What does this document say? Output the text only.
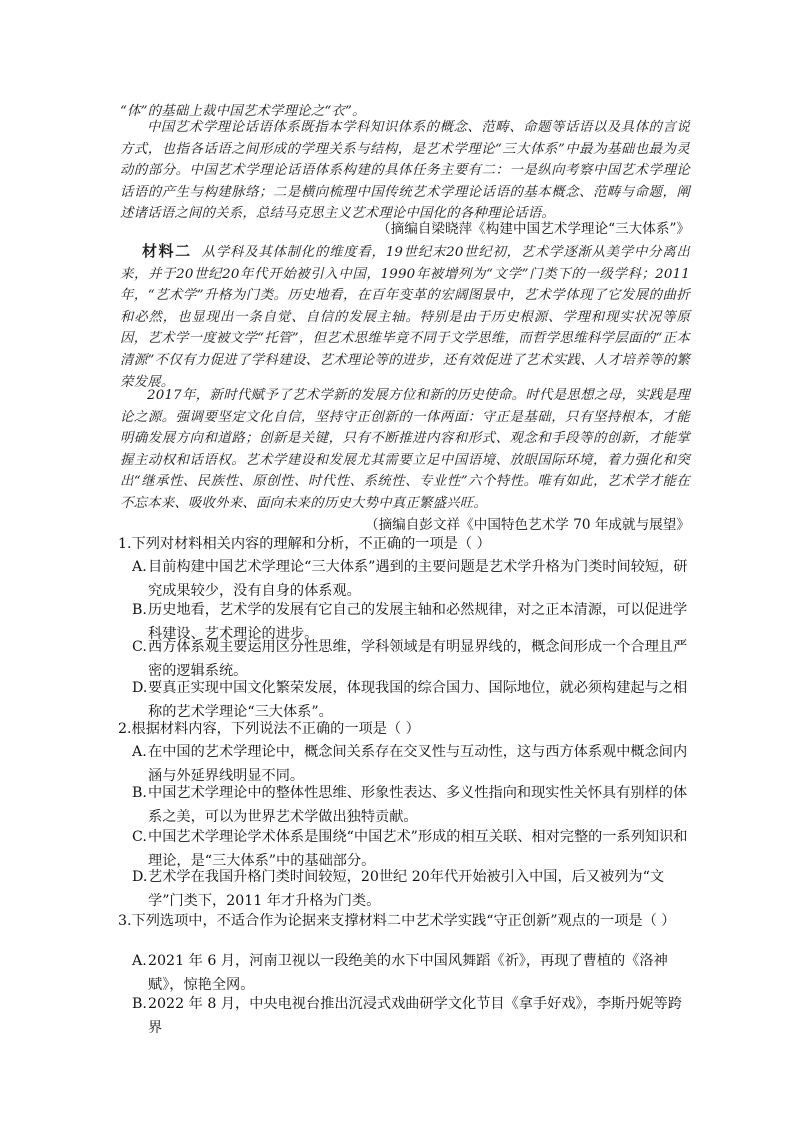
“体”的基础上裁中国艺术学理论之“衣”。

中国艺术学理论话语体系既指本学科知识体系的概念、范畴、命题等话语以及具体的言说方式，也指各话语之间形成的学理关系与结构，是艺术学理论“三大体系”中最为基础也最为灵动的部分。中国艺术学理论话语体系构建的具体任务主要有二：一是纵向考察中国艺术学理论话语的产生与构建脉络；二是横向梳理中国传统艺术学理论话语的基本概念、范畴与命题，阐述诸话语之间的关系，总结马克思主义艺术理论中国化的各种理论话语。

（摘编自梁晓萍《构建中国艺术学理论“三大体系”》

材料二 从学科及其体制化的维度看，19世纪末20世纪初，艺术学逐渐从美学中分离出来，并于20世纪20年代开始被引入中国，1990年被增列为“文学”门类下的一级学科；2011年，“艺术学”升格为门类。历史地看，在百年变革的宏阔图景中，艺术学体现了它发展的曲折和必然，也显现出一条自觉、自信的发展主轴。特别是由于历史根源、学理和现实状况等原因，艺术学一度被文学“托管”，但艺术思维毕竟不同于文学思维，而哲学思维科学层面的“正本清源”不仅有力促进了学科建设、艺术理论等的进步，还有效促进了艺术实践、人才培养等的繁荣发展。

2017年，新时代赋予了艺术学新的发展方位和新的历史使命。时代是思想之母，实践是理论之源。强调要坚定文化自信，坚持守正创新的一体两面：守正是基础，只有坚持根本，才能明确发展方向和道路；创新是关键，只有不断推进内容和形式、观念和手段等的创新，才能掌握主动权和话语权。艺术学建设和发展尤其需要立足中国语境、放眼国际环境，着力强化和突出“继承性、民族性、原创性、时代性、系统性、专业性”六个特性。唯有如此，艺术学才能在不忘本来、吸收外来、面向未来的历史大势中真正繁盛兴旺。

（摘编自彭文祥《中国特色艺术学 70 年成就与展望》

1.下列对材料相关内容的理解和分析，不正确的一项是（ ）

A. 目前构建中国艺术学理论“三大体系”遇到的主要问题是艺术学升格为门类时间较短，研究成果较少，没有自身的体系观。
B. 历史地看，艺术学的发展有它自己的发展主轴和必然规律，对之正本清源，可以促进学科建设、艺术理论的进步。
C. 西方体系观主要运用区分性思维，学科领域是有明显界线的，概念间形成一个合理且严密的逻辑系统。
D. 要真正实现中国文化繁荣发展，体现我国的综合国力、国际地位，就必须构建起与之相称的艺术学理论“三大体系”。

2.根据材料内容，下列说法不正确的一项是（ ）

A. 在中国的艺术学理论中，概念间关系存在交叉性与互动性，这与西方体系观中概念间内涵与外延界线明显不同。
B. 中国艺术学理论中的整体性思维、形象性表达、多义性指向和现实性关怀具有别样的体系之美，可以为世界艺术学做出独特贡献。
C. 中国艺术学理论学术体系是围绕“中国艺术”形成的相互关联、相对完整的一系列知识和理论，是“三大体系”中的基础部分。
D. 艺术学在我国升格门类时间较短，20世纪 20年代开始被引入中国，后又被列为“文学”门类下，2011 年才升格为门类。

3.下列选项中，不适合作为论据来支撑材料二中艺术学实践“守正创新”观点的一项是（ ）

A. 2021 年 6 月，河南卫视以一段绝美的水下中国风舞蹈《祈》，再现了曹植的《洛神赋》，惊艳全网。
B. 2022 年 8 月，中央电视台推出沉浸式戏曲研学文化节目《拿手好戏》，李斯丹妮等跨界
